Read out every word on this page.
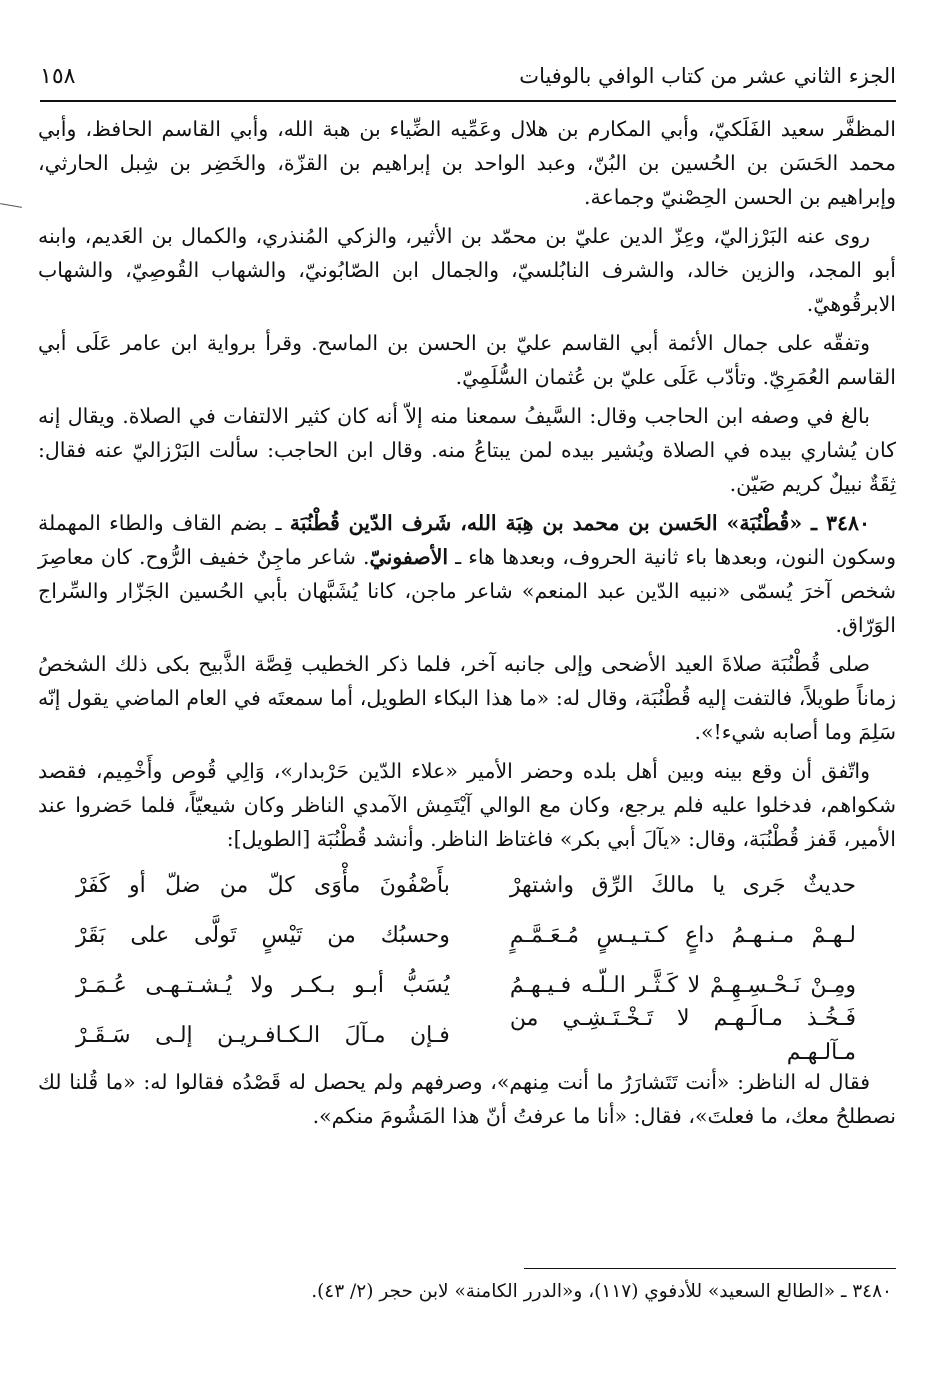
الجزء الثاني عشر من كتاب الوافي بالوفيات
١٥٨

المظفَّر سعيد الفَلَكيّ، وأبي المكارم بن هلال وعَمِّيه الضِّياء بن هبة الله، وأبي القاسم الحافظ، وأبي محمد الحَسَن بن الحُسين بن البُنّ، وعبد الواحد بن إبراهيم بن القزّة، والخَضِر بن شِبل الحارثي، وإبراهيم بن الحسن الحِصْنيّ وجماعة.

روى عنه البَرْزاليّ، وعِزّ الدين عليّ بن محمّد بن الأثير، والزكي المُنذري، والكمال بن العَديم، وابنه أبو المجد، والزين خالد، والشرف النابُلسيّ، والجمال ابن الصّابُونيّ، والشهاب القُوصِيّ، والشهاب الابرقُوهيّ.

وتفقّه على جمال الأئمة أبي القاسم عليّ بن الحسن بن الماسح. وقرأ برواية ابن عامر عَلَى أبي القاسم العُمَرِيّ. وتأدّب عَلَى عليّ بن عُثمان السُّلَمِيّ.

بالغ في وصفه ابن الحاجب وقال: السَّيفُ سمعنا منه إلاّ أنه كان كثير الالتفات في الصلاة. ويقال إنه كان يُشاري بيده في الصلاة ويُشير بيده لمن يبتاعُ منه. وقال ابن الحاجب: سألت البَرْزاليّ عنه فقال: ثِقَةٌ نبيلٌ كريم صَيّن.

٣٤٨٠ ـ «قُطْنُبَة» الحَسن بن محمد بن هِبَة الله، شَرف الدّين قُطْنُبَة ـ بضم القاف والطاء المهملة وسكون النون، وبعدها باء ثانية الحروف، وبعدها هاء ـ الأصفونيّ. شاعر ماجِنٌ خفيف الرُّوح. كان معاصِرَ شخص آخرَ يُسمّى «نبيه الدّين عبد المنعم» شاعر ماجن، كانا يُشَبَّهان بأبي الحُسين الجَزّار والسِّراج الوَرّاق.

صلى قُطْنُبَة صلاةَ العيد الأضحى وإلى جانبه آخر، فلما ذكر الخطيب قِصَّة الذَّبيح بكى ذلك الشخصُ زماناً طويلاً، فالتفت إليه قُطْنُبَة، وقال له: «ما هذا البكاء الطويل، أما سمعتَه في العام الماضي يقول إنّه سَلِمَ وما أصابه شيء!».

واتّفق أن وقع بينه وبين أهل بلده وحضر الأمير «علاء الدّين حَرْبدار»، وَالِي قُوص وأَخْمِيم، فقصد شكواهم، فدخلوا عليه فلم يرجع، وكان مع الوالي آيْتَمِش الآمدي الناظر وكان شيعيّاً، فلما حَضروا عند الأمير، قَفز قُطْنُبَة، وقال: «يآلَ أبي بكر» فاغتاظ الناظر. وأنشد قُطْنُبَة [الطويل]:

حديثٌ جَرى يا مالكَ الرِّق واشتهرْ
بأَصْفُونَ مأْوَى كلّ من ضلّ أو كَفَرْ
لـهـمْ مـنـهـمُ داعٍ كـتـيـسٍ مُـعَـمَّـمٍ
وحسبُك من تَيْسٍ تَولَّى على بَقَرْ
ومِـنْ نَـحْـسِـهِـمْ لا كَـثَّـر الـلّـه فـيـهـمُ
يُسَبُّ أبـو بـكـر ولا يُـشـتـهـى عُـمَـرْ
فَـخُـذ مـالَـهـم لا تَـخْـتَـشِـي من مـآلـهـم
فـإن مـآلَ الـكـافـريـن إلـى سَـقَـرْ

فقال له الناظر: «أنت تَتَشارَرُ ما أنت مِنهم»، وصرفهم ولم يحصل له قَصْدُه فقالوا له: «ما قُلنا لك نصطلحُ معك، ما فعلتَ»، فقال: «أنا ما عرفتُ أنّ هذا المَشُومَ منكم».

٣٤٨٠ ـ «الطالع السعيد» للأدفوي (١١٧)، و«الدرر الكامنة» لابن حجر (٢/ ٤٣).
